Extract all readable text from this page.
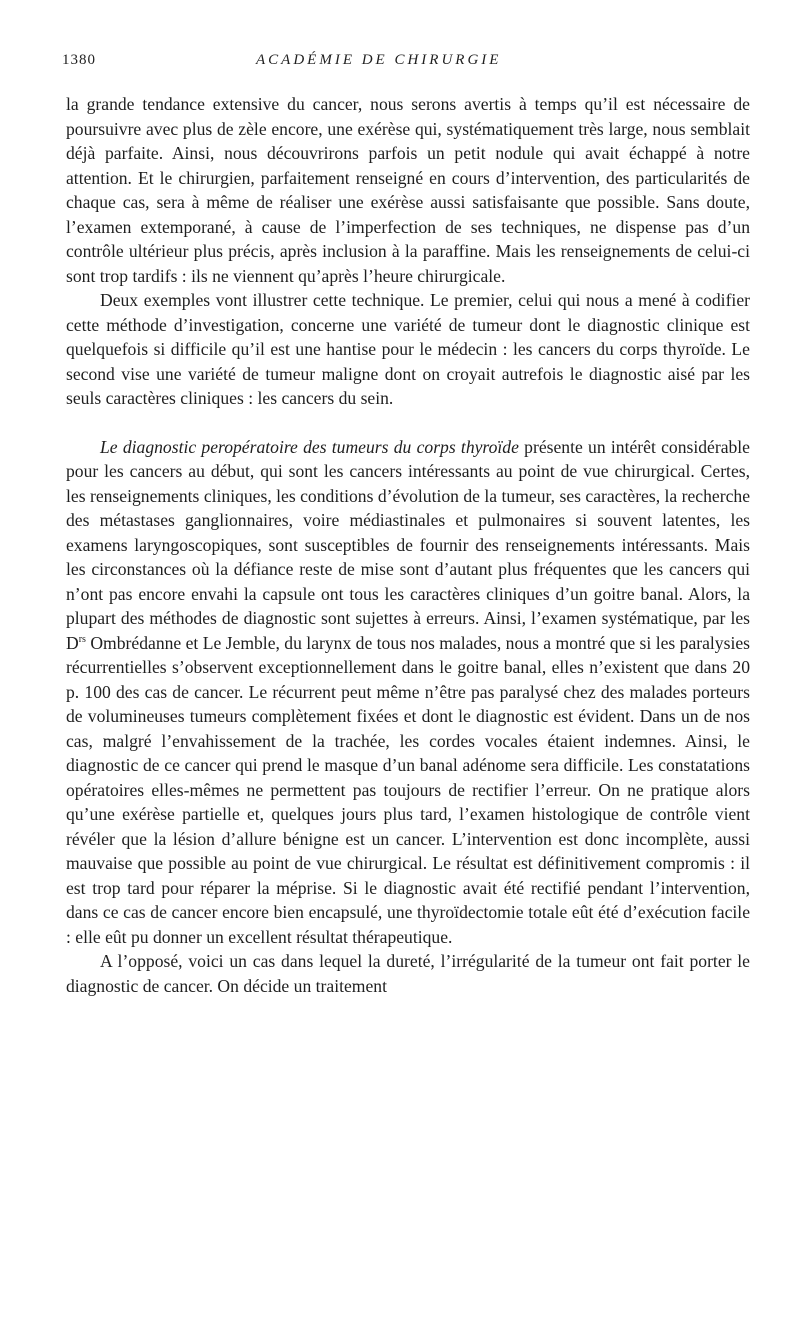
1380	ACADÉMIE DE CHIRURGIE

la grande tendance extensive du cancer, nous serons avertis à temps qu’il est nécessaire de poursuivre avec plus de zèle encore, une exérèse qui, systématiquement très large, nous semblait déjà parfaite. Ainsi, nous découvrirons parfois un petit nodule qui avait échappé à notre attention. Et le chirurgien, parfaitement renseigné en cours d’intervention, des particularités de chaque cas, sera à même de réaliser une exérèse aussi satisfaisante que possible. Sans doute, l’examen extemporané, à cause de l’imperfection de ses techniques, ne dispense pas d’un contrôle ultérieur plus précis, après inclusion à la paraffine. Mais les renseignements de celui-ci sont trop tardifs : ils ne viennent qu’après l’heure chirurgicale.

Deux exemples vont illustrer cette technique. Le premier, celui qui nous a mené à codifier cette méthode d’investigation, concerne une variété de tumeur dont le diagnostic clinique est quelquefois si difficile qu’il est une hantise pour le médecin : les cancers du corps thyroïde. Le second vise une variété de tumeur maligne dont on croyait autrefois le diagnostic aisé par les seuls caractères cliniques : les cancers du sein.

Le diagnostic peropératoire des tumeurs du corps thyroïde présente un intérêt considérable pour les cancers au début, qui sont les cancers intéressants au point de vue chirurgical. Certes, les renseignements cliniques, les conditions d’évolution de la tumeur, ses caractères, la recherche des métastases ganglionnaires, voire médiastinales et pulmonaires si souvent latentes, les examens laryngoscopiques, sont susceptibles de fournir des renseignements intéressants. Mais les circonstances où la défiance reste de mise sont d’autant plus fréquentes que les cancers qui n’ont pas encore envahi la capsule ont tous les caractères cliniques d’un goitre banal. Alors, la plupart des méthodes de diagnostic sont sujettes à erreurs. Ainsi, l’examen systématique, par les $D^{rs}$ Ombrédanne et Le Jemble, du larynx de tous nos malades, nous a montré que si les paralysies récurrentielles s’observent exceptionnellement dans le goitre banal, elles n’existent que dans 20 p. 100 des cas de cancer. Le récurrent peut même n’être pas paralysé chez des malades porteurs de volumineuses tumeurs complètement fixées et dont le diagnostic est évident. Dans un de nos cas, malgré l’envahissement de la trachée, les cordes vocales étaient indemnes. Ainsi, le diagnostic de ce cancer qui prend le masque d’un banal adénome sera difficile. Les constatations opératoires elles-mêmes ne permettent pas toujours de rectifier l’erreur. On ne pratique alors qu’une exérèse partielle et, quelques jours plus tard, l’examen histologique de contrôle vient révéler que la lésion d’allure bénigne est un cancer. L’intervention est donc incomplète, aussi mauvaise que possible au point de vue chirurgical. Le résultat est définitivement compromis : il est trop tard pour réparer la méprise. Si le diagnostic avait été rectifié pendant l’intervention, dans ce cas de cancer encore bien encapsulé, une thyroïdectomie totale eût été d’exécution facile : elle eût pu donner un excellent résultat thérapeutique.

A l’opposé, voici un cas dans lequel la dureté, l’irrégularité de la tumeur ont fait porter le diagnostic de cancer. On décide un traitement
